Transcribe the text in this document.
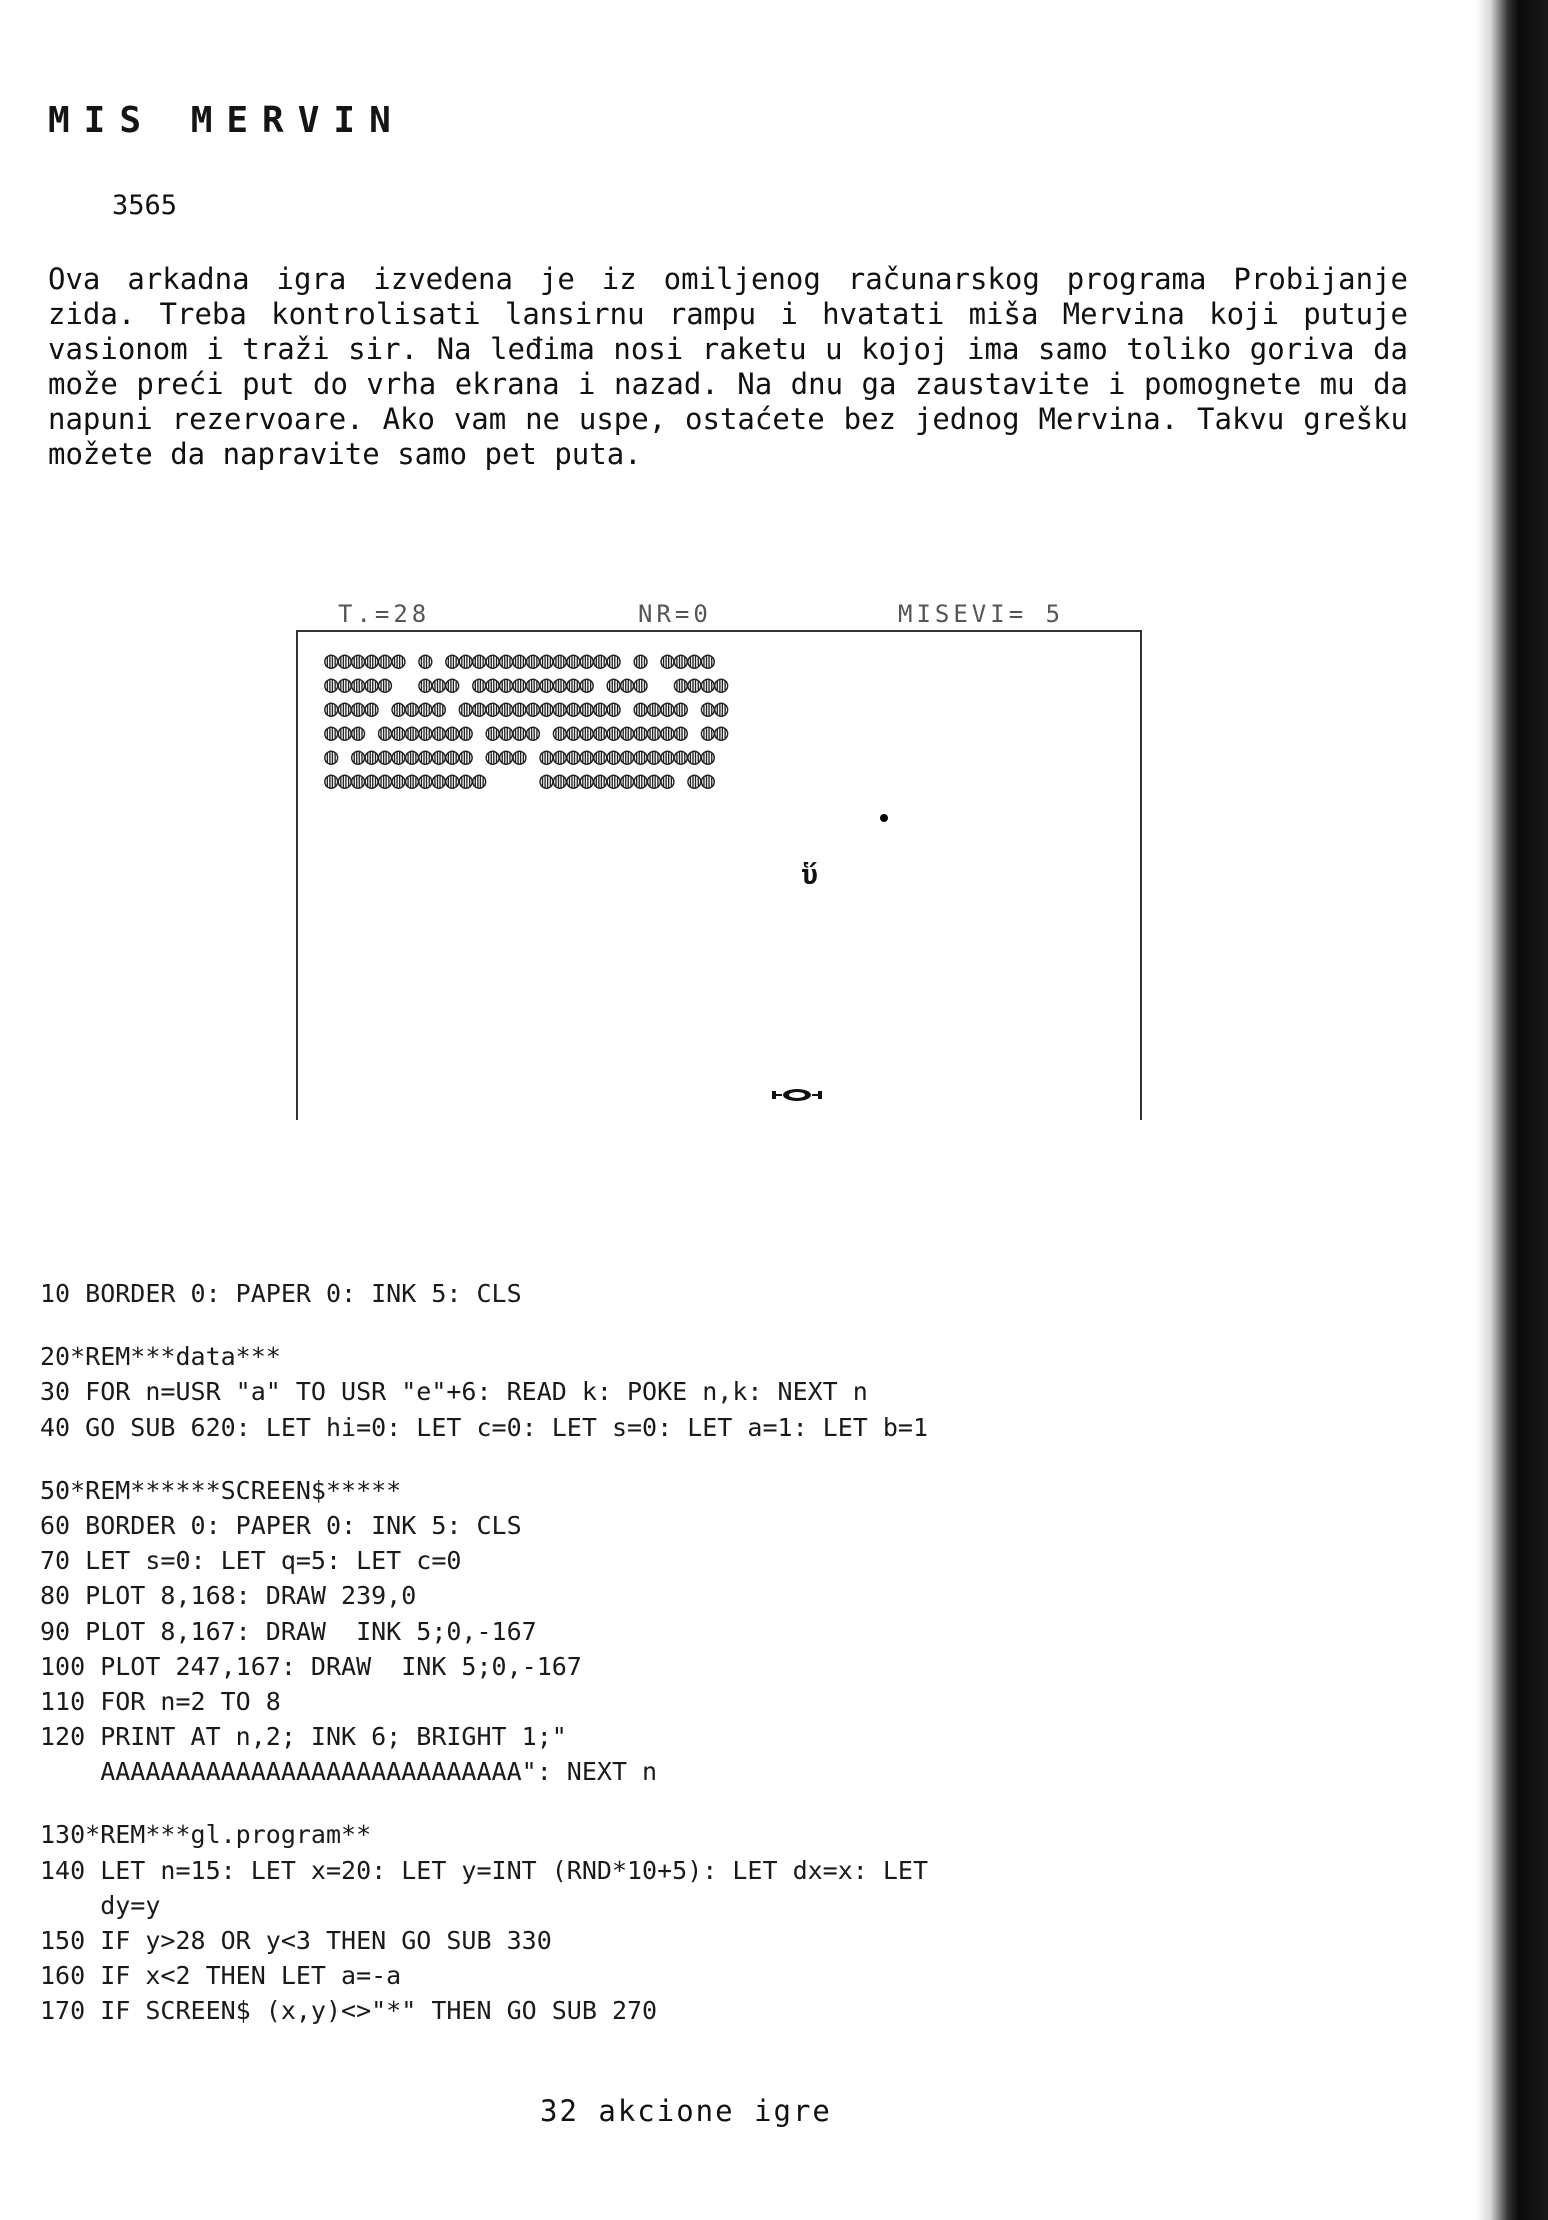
MIS MERVIN
3565
Ova arkadna igra izvedena je iz omiljenog računarskog programa Probijanje zida. Treba kontrolisati lansirnu rampu i hvatati miša Mervina koji putuje vasionom i traži sir. Na leđima nosi raketu u kojoj ima samo toliko goriva da može preći put do vrha ekrana i nazad. Na dnu ga zaustavite i pomognete mu da napuni rezervoare. Ako vam ne uspe, ostaćete bez jednog Mervina. Takvu grešku možete da napravite samo pet puta.
T.=28	NR=0	MISEVI= 5
◍◍◍◍◍◍ ◍ ◍◍◍◍◍◍◍◍◍◍◍◍◍ ◍ ◍◍◍◍
◍◍◍◍◍  ◍◍◍ ◍◍◍◍◍◍◍◍◍ ◍◍◍  ◍◍◍◍
◍◍◍◍ ◍◍◍◍ ◍◍◍◍◍◍◍◍◍◍◍◍ ◍◍◍◍ ◍◍
◍◍◍ ◍◍◍◍◍◍◍ ◍◍◍◍ ◍◍◍◍◍◍◍◍◍◍ ◍◍
◍ ◍◍◍◍◍◍◍◍◍ ◍◍◍ ◍◍◍◍◍◍◍◍◍◍◍◍◍
◍◍◍◍◍◍◍◍◍◍◍◍    ◍◍◍◍◍◍◍◍◍◍ ◍◍
ὕ
10 BORDER 0: PAPER 0: INK 5: CLS
20*REM***data***
30 FOR n=USR "a" TO USR "e"+6: READ k: POKE n,k: NEXT n
40 GO SUB 620: LET hi=0: LET c=0: LET s=0: LET a=1: LET b=1
50*REM******SCREEN$*****
60 BORDER 0: PAPER 0: INK 5: CLS
70 LET s=0: LET q=5: LET c=0
80 PLOT 8,168: DRAW 239,0
90 PLOT 8,167: DRAW  INK 5;0,-167
100 PLOT 247,167: DRAW  INK 5;0,-167
110 FOR n=2 TO 8
120 PRINT AT n,2; INK 6; BRIGHT 1;"
AAAAAAAAAAAAAAAAAAAAAAAAAAAA": NEXT n
130*REM***gl.program**
140 LET n=15: LET x=20: LET y=INT (RND*10+5): LET dx=x: LET
dy=y
150 IF y>28 OR y<3 THEN GO SUB 330
160 IF x<2 THEN LET a=-a
170 IF SCREEN$ (x,y)<>"*" THEN GO SUB 270
32 akcione igre
